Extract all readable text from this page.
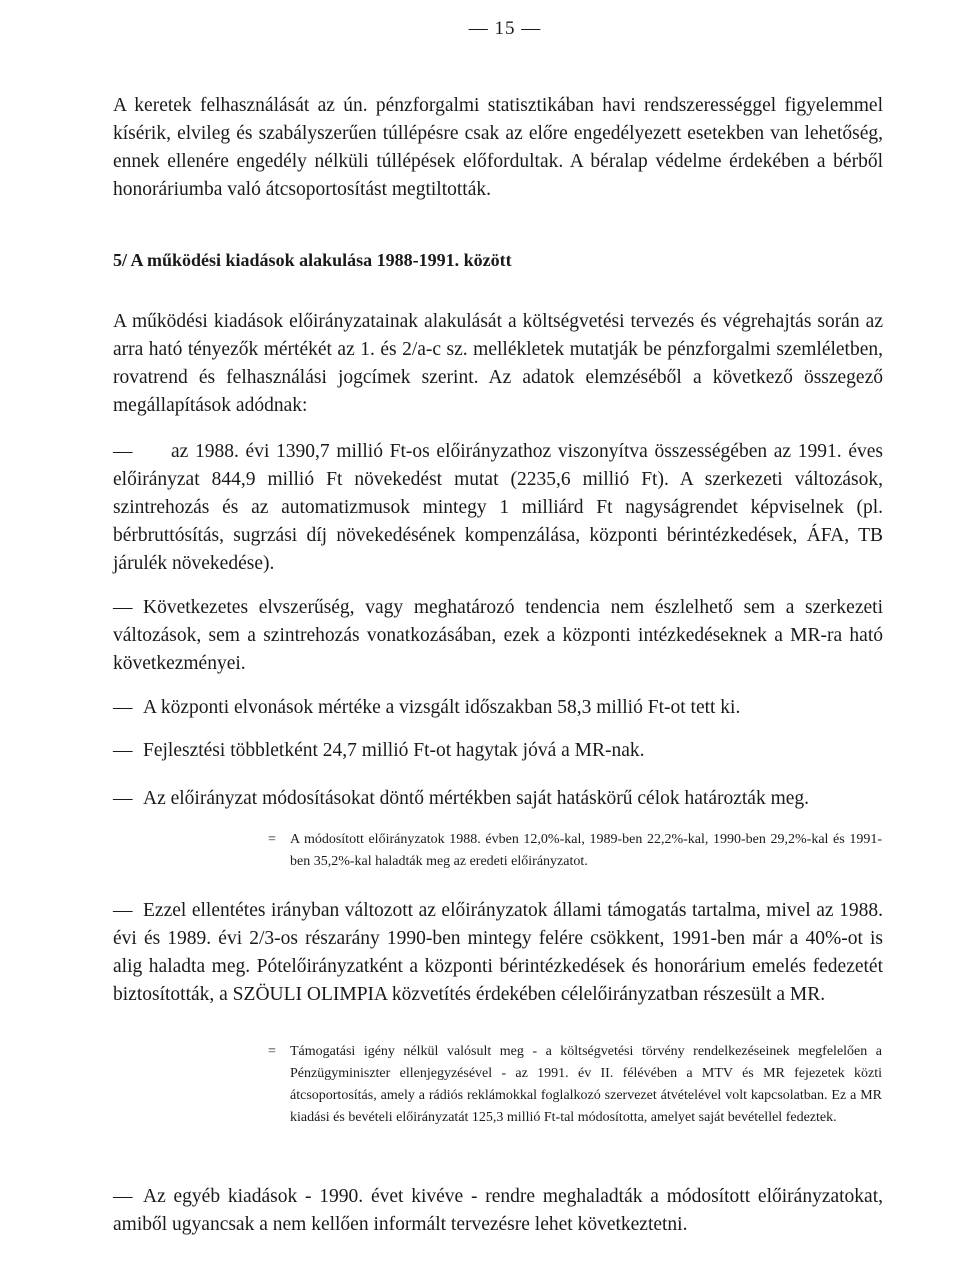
— 15 —
A keretek felhasználását az ún. pénzforgalmi statisztikában havi rendszerességgel figyelemmel kísérik, elvileg és szabályszerűen túllépésre csak az előre engedélyezett esetekben van lehetőség, ennek ellenére engedély nélküli túllépések előfordultak. A béralap védelme érdekében a bérből honoráriumba való átcsoportosítást megtiltották.
5/ A működési kiadások alakulása 1988-1991. között
A működési kiadások előirányzatainak alakulását a költségvetési tervezés és végrehajtás során az arra ható tényezők mértékét az 1. és 2/a-c sz. mellékletek mutatják be pénzforgalmi szemléletben, rovatrend és felhasználási jogcímek szerint. Az adatok elemzéséből a következő összegező megállapítások adódnak:
—	az 1988. évi 1390,7 millió Ft-os előirányzathoz viszonyítva összességében az 1991. éves előirányzat 844,9 millió Ft növekedést mutat (2235,6 millió Ft). A szerkezeti változások, szintrehozás és az automatizmusok mintegy 1 milliárd Ft nagyságrendet képviselnek (pl. bérbruttósítás, sugrzási díj növekedésének kompenzálása, központi bérintézkedések, ÁFA, TB járulék növekedése).
— Következetes elvszerűség, vagy meghatározó tendencia nem észlelhető sem a szerkezeti változások, sem a szintrehozás vonatkozásában, ezek a központi intézkedéseknek a MR-ra ható következményei.
— A központi elvonások mértéke a vizsgált időszakban 58,3 millió Ft-ot tett ki.
— Fejlesztési többletként 24,7 millió Ft-ot hagytak jóvá a MR-nak.
— Az előirányzat módosításokat döntő mértékben saját hatáskörű célok határozták meg.
= A módosított előirányzatok 1988. évben 12,0%-kal, 1989-ben 22,2%-kal, 1990-ben 29,2%-kal és 1991-ben 35,2%-kal haladták meg az eredeti előirányzatot.
— Ezzel ellentétes irányban változott az előirányzatok állami támogatás tartalma, mivel az 1988. évi és 1989. évi 2/3-os részarány 1990-ben mintegy felére csökkent, 1991-ben már a 40%-ot is alig haladta meg. Pótelőirányzatként a központi bérintézkedések és honorárium emelés fedezetét biztosították, a SZÖULI OLIMPIA közvetítés érdekében célelőirányzatban részesült a MR.
= Támogatási igény nélkül valósult meg - a költségvetési törvény rendelkezéseinek megfelelően a Pénzügyminiszter ellenjegyzésével - az 1991. év II. félévében a MTV és MR fejezetek közti átcsoportosítás, amely a rádiós reklámokkal foglalkozó szervezet átvételével volt kapcsolatban. Ez a MR kiadási és bevételi előirányzatát 125,3 millió Ft-tal módosította, amelyet saját bevétellel fedeztek.
— Az egyéb kiadások - 1990. évet kivéve - rendre meghaladták a módosított előirányzatokat, amiből ugyancsak a nem kellően informált tervezésre lehet következtetni.
